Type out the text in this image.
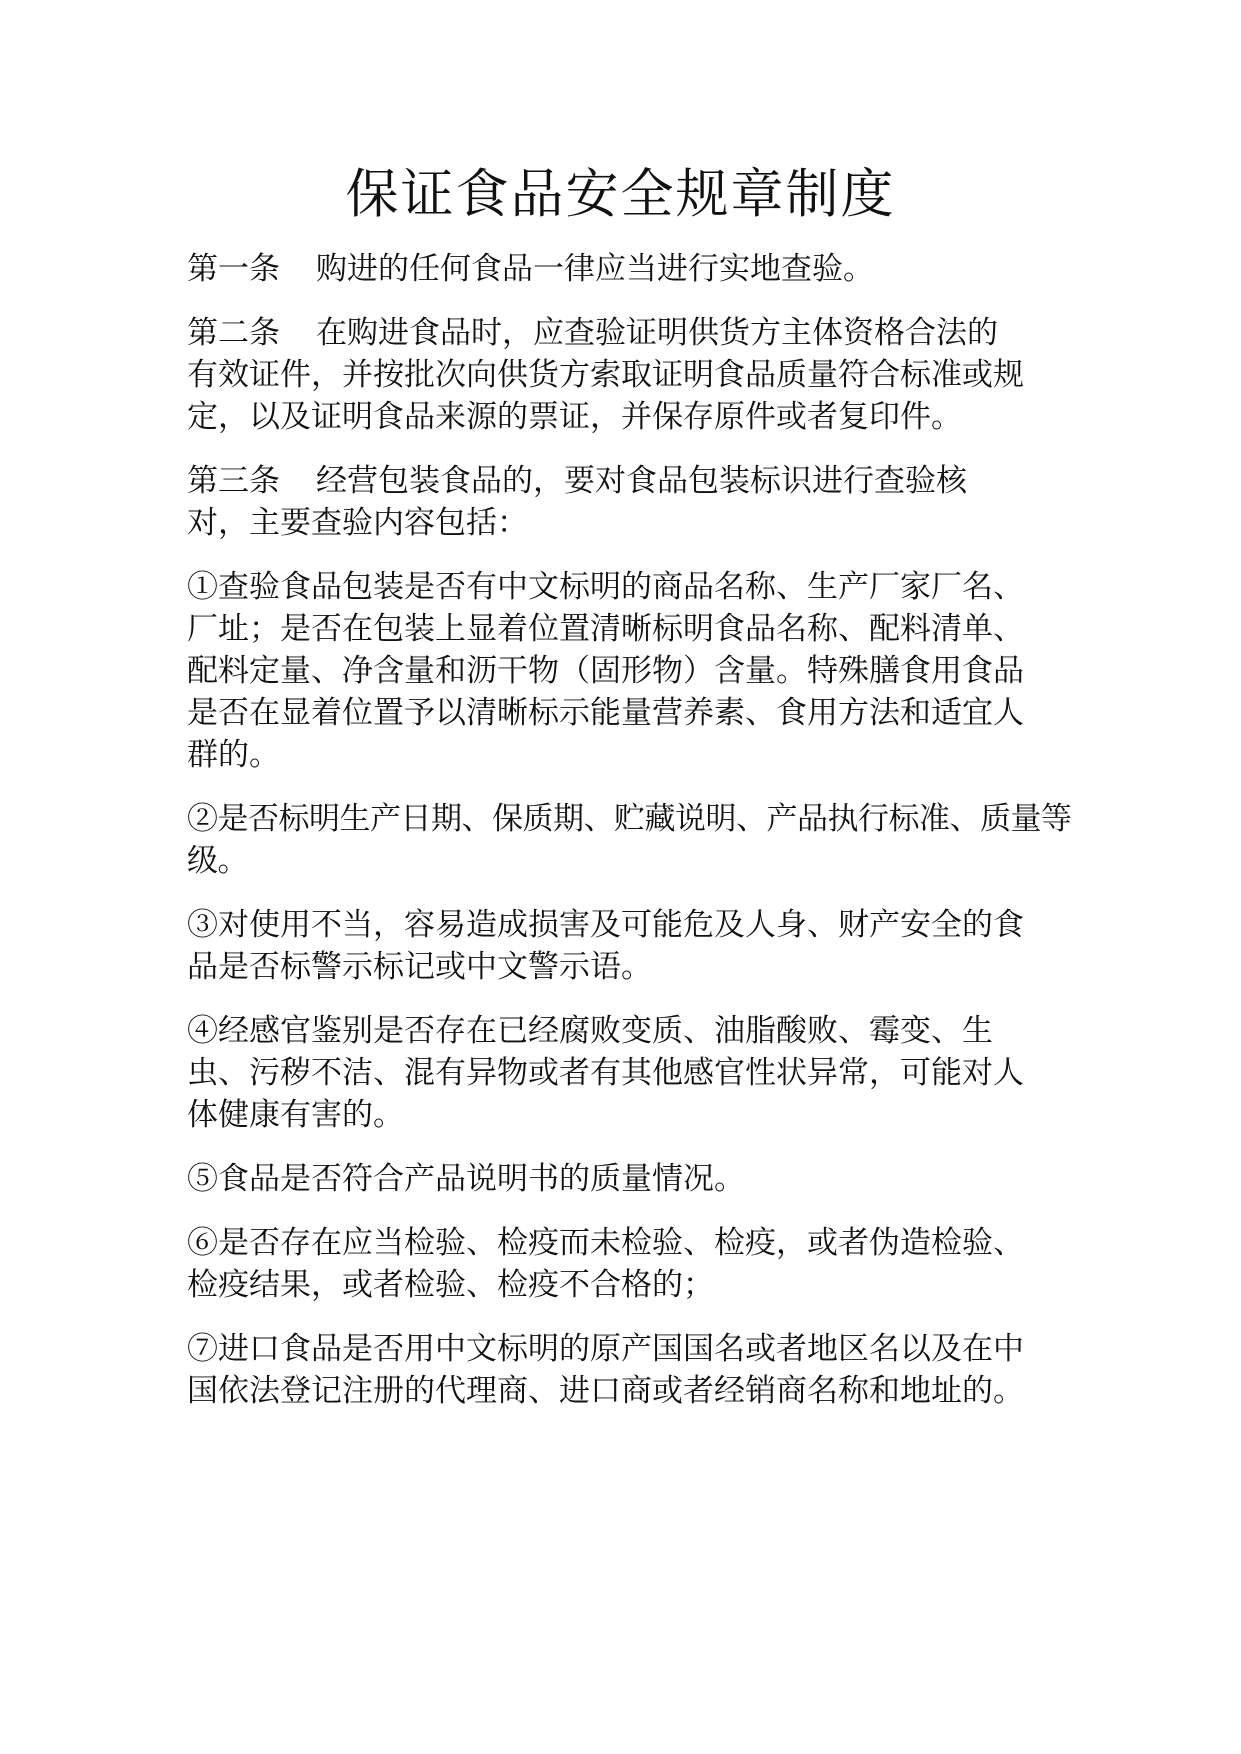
保证食品安全规章制度

第一条 购进的任何食品一律应当进行实地查验。

第二条 在购进食品时，应查验证明供货方主体资格合法的有效证件，并按批次向供货方索取证明食品质量符合标准或规定，以及证明食品来源的票证，并保存原件或者复印件。

第三条 经营包装食品的，要对食品包装标识进行查验核对，主要查验内容包括：

①查验食品包装是否有中文标明的商品名称、生产厂家厂名、厂址；是否在包装上显着位置清晰标明食品名称、配料清单、配料定量、净含量和沥干物（固形物）含量。特殊膳食用食品是否在显着位置予以清晰标示能量营养素、食用方法和适宜人群的。

②是否标明生产日期、保质期、贮藏说明、产品执行标准、质量等级。

③对使用不当，容易造成损害及可能危及人身、财产安全的食品是否标警示标记或中文警示语。

④经感官鉴别是否存在已经腐败变质、油脂酸败、霉变、生虫、污秽不洁、混有异物或者有其他感官性状异常，可能对人体健康有害的。

⑤食品是否符合产品说明书的质量情况。

⑥是否存在应当检验、检疫而未检验、检疫，或者伪造检验、检疫结果，或者检验、检疫不合格的；

⑦进口食品是否用中文标明的原产国国名或者地区名以及在中国依法登记注册的代理商、进口商或者经销商名称和地址的。
